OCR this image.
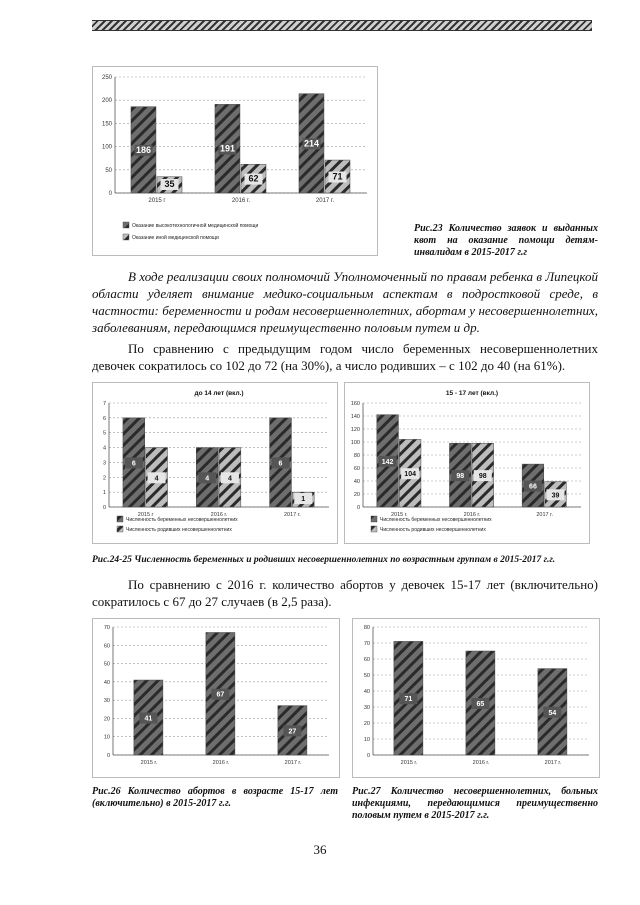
0
50
100
150
200
250
186
35
2015 г
191
62
2016 г.
214
71
2017 г.
Оказание высокотехнологичной медицинской помощи
Оказание иной медицинской помощи
Рис.23 Количество заявок и выданных квот на оказание помощи детям-инвалидам в 2015-2017 г.г
В ходе реализации своих полномочий Уполномоченный по правам ребенка в Липецкой области уделяет внимание медико-социальным аспектам в подростковой среде, в частности: беременности и родам несовершеннолетних, абортам у несовершеннолетних, заболеваниям, передающимся преимущественно половым путем и др.
По сравнению с предыдущим годом число беременных несовершеннолетних девочек сократилось со 102 до 72 (на 30%), а число родивших – с 102 до 40 (на 61%).
0
1
2
3
4
5
6
7
до 14 лет (вкл.)
6
4
2015 г
4	4
2016 г.
6
1
2017 г.
Численность беременных несовершеннолетних
Численность родивших несовершеннолетних
0
20
40
60
80
100
120
140
160
15 - 17 лет (вкл.)
142
104
2015 г.
98 98
2016 г.
66
39
2017 г.
Численность беременных несовершеннолетних
Численность родивших несовершеннолетних
Рис.24-25 Численность беременных и родивших несовершеннолетних по возрастным группам в 2015-2017 г.г.
По сравнению с 2016 г. количество абортов у девочек 15-17 лет (включительно) сократилось с 67 до 27 случаев (в 2,5 раза).
0
10
20
30
40
50
60
70
41
2015 г.
67
2016 г.
27
2017 г.
0
10
20
30
40
50
60
70
80
71
2015 г.
65
2016 г.
54
2017 г.
Рис.26 Количество абортов в возрасте 15-17 лет (включительно) в 2015-2017 г.г.
Рис.27 Количество несовершеннолетних, больных инфекциями, передающимися преимущественно половым путем в 2015-2017 г.г.
36
